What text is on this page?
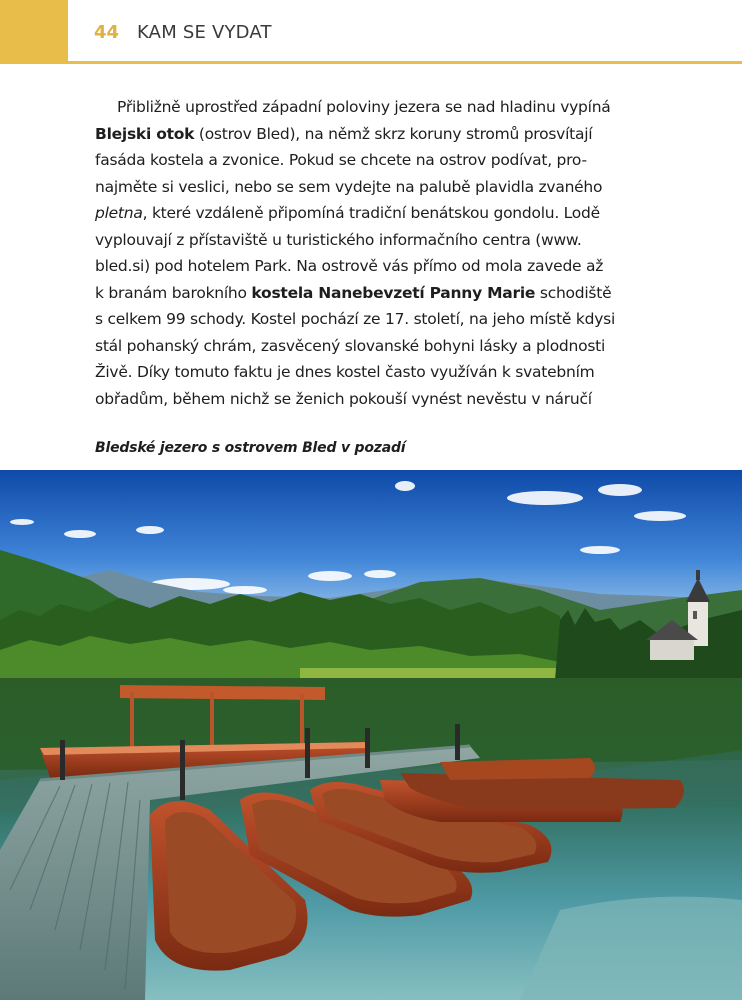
44 KAM SE VYDAT
Přibližně uprostřed západní poloviny jezera se nad hladinu vypíná
Blejski otok (ostrov Bled), na němž skrz koruny stromů prosvítají
fasáda kostela a zvonice. Pokud se chcete na ostrov podívat, pro-
najměte si veslici, nebo se sem vydejte na palubě plavidla zvaného
pletna, které vzdáleně připomíná tradiční benátskou gondolu. Lodě
vyplouvají z přístaviště u turistického informačního centra (www.
bled.si) pod hotelem Park. Na ostrově vás přímo od mola zavede až
k branám barokního kostela Nanebevzetí Panny Marie schodiště
s celkem 99 schody. Kostel pochází ze 17. století, na jeho místě kdysi
stál pohanský chrám, zasvěcený slovanské bohyni lásky a plodnosti
Živě. Díky tomuto faktu je dnes kostel často využíván k svatebním
obřadům, během nichž se ženich pokouší vynést nevěstu v náručí
Bledské jezero s ostrovem Bled v pozadí
